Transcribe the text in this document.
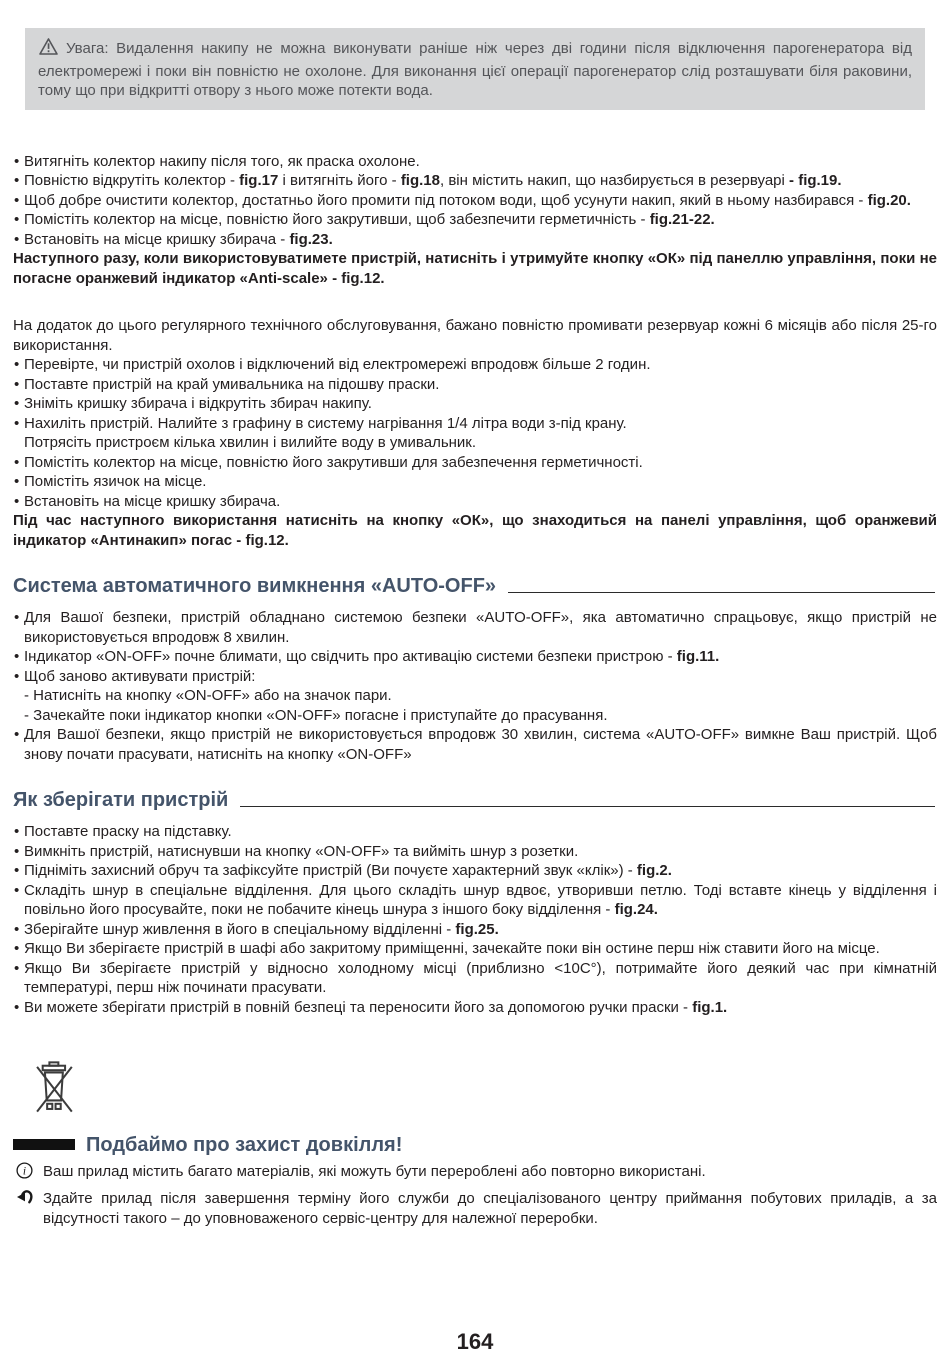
Увага: Видалення накипу не можна виконувати раніше ніж через дві години після відключення парогенератора від електромережі і поки він повністю не охолоне. Для виконання цієї операції парогенератор слід розташувати біля раковини, тому що при відкритті отвору з нього може потекти вода.
• Витягніть колектор накипу після того, як праска охолоне.
• Повністю відкрутіть колектор - fig.17 і витягніть його - fig.18, він містить накип, що назбирується в резервуарі - fig.19.
• Щоб добре очистити колектор, достатньо його промити під потоком води, щоб усунути накип, який в ньому назбирався - fig.20.
• Помістіть колектор на місце, повністю його закрутивши, щоб забезпечити герметичність - fig.21-22.
• Встановіть на місце кришку збирача - fig.23.

Наступного разу, коли використовуватимете пристрій, натисніть і утримуйте кнопку «ОК» під панеллю управління, поки не погасне оранжевий індикатор «Anti-scale» - fig.12.

На додаток до цього регулярного технічного обслуговування, бажано повністю промивати резервуар кожні 6 місяців або після 25-го використання.

• Перевірте, чи пристрій охолов і відключений від електромережі впродовж більше 2 годин.
• Поставте пристрій на край умивальника на підошву праски.
• Зніміть кришку збирача і відкрутіть збирач накипу.
• Нахиліть пристрій. Налийте з графину в систему нагрівання 1/4 літра води з-під крану.
Потрясіть пристроєм кілька хвилин і вилийте воду в умивальник.
• Помістіть колектор на місце, повністю його закрутивши для забезпечення герметичності.
• Помістіть язичок на місце.
• Встановіть на місце кришку збирача.

Під час наступного використання натисніть на кнопку «ОК», що знаходиться на панелі управління, щоб оранжевий індикатор «Антинакип» погас - fig.12.

Система автоматичного вимкнення «AUTO-OFF»
• Для Вашої безпеки, пристрій обладнано системою безпеки «AUTO-OFF», яка автоматично спрацьовує, якщо пристрій не використовується впродовж 8 хвилин.
• Індикатор «ON-OFF» почне блимати, що свідчить про активацію системи безпеки пристрою - fig.11.
• Щоб заново активувати пристрій:
- Натисніть на кнопку «ON-OFF» або на значок пари.
- Зачекайте поки індикатор кнопки «ON-OFF» погасне і приступайте до прасування.
• Для Вашої безпеки, якщо пристрій не використовується впродовж 30 хвилин, система «AUTO-OFF» вимкне Ваш пристрій. Щоб знову почати прасувати, натисніть на кнопку «ON-OFF»
Як зберігати пристрій
• Поставте праску на підставку.
• Вимкніть пристрій, натиснувши на кнопку «ON-OFF» та вийміть шнур з розетки.
• Підніміть захисний обруч та зафіксуйте пристрій (Ви почуєте характерний звук «клік») - fig.2.
• Складіть шнур в спеціальне відділення. Для цього складіть шнур вдвоє, утворивши петлю. Тоді вставте кінець у відділення і повільно його просувайте, поки не побачите кінець шнура з іншого боку відділення - fig.24.
• Зберігайте шнур живлення в його в спеціальному відділенні - fig.25.
• Якщо Ви зберігаєте пристрій в шафі або закритому приміщенні, зачекайте поки він остине перш ніж ставити його на місце.
• Якщо Ви зберігаєте пристрій у відносно холодному місці (приблизно <10C°), потримайте його деякий час при кімнатній температурі, перш ніж починати прасувати.
• Ви можете зберігати пристрій в повній безпеці та переносити його за допомогою ручки праски - fig.1.
Подбаймо про захист довкілля!
i Ваш прилад містить багато матеріалів, які можуть бути перероблені або повторно використані.
Здайте прилад після завершення терміну його служби до спеціалізованого центру приймання побутових приладів, а за відсутності такого – до уповноваженого сервіс-центру для належної переробки.
164
